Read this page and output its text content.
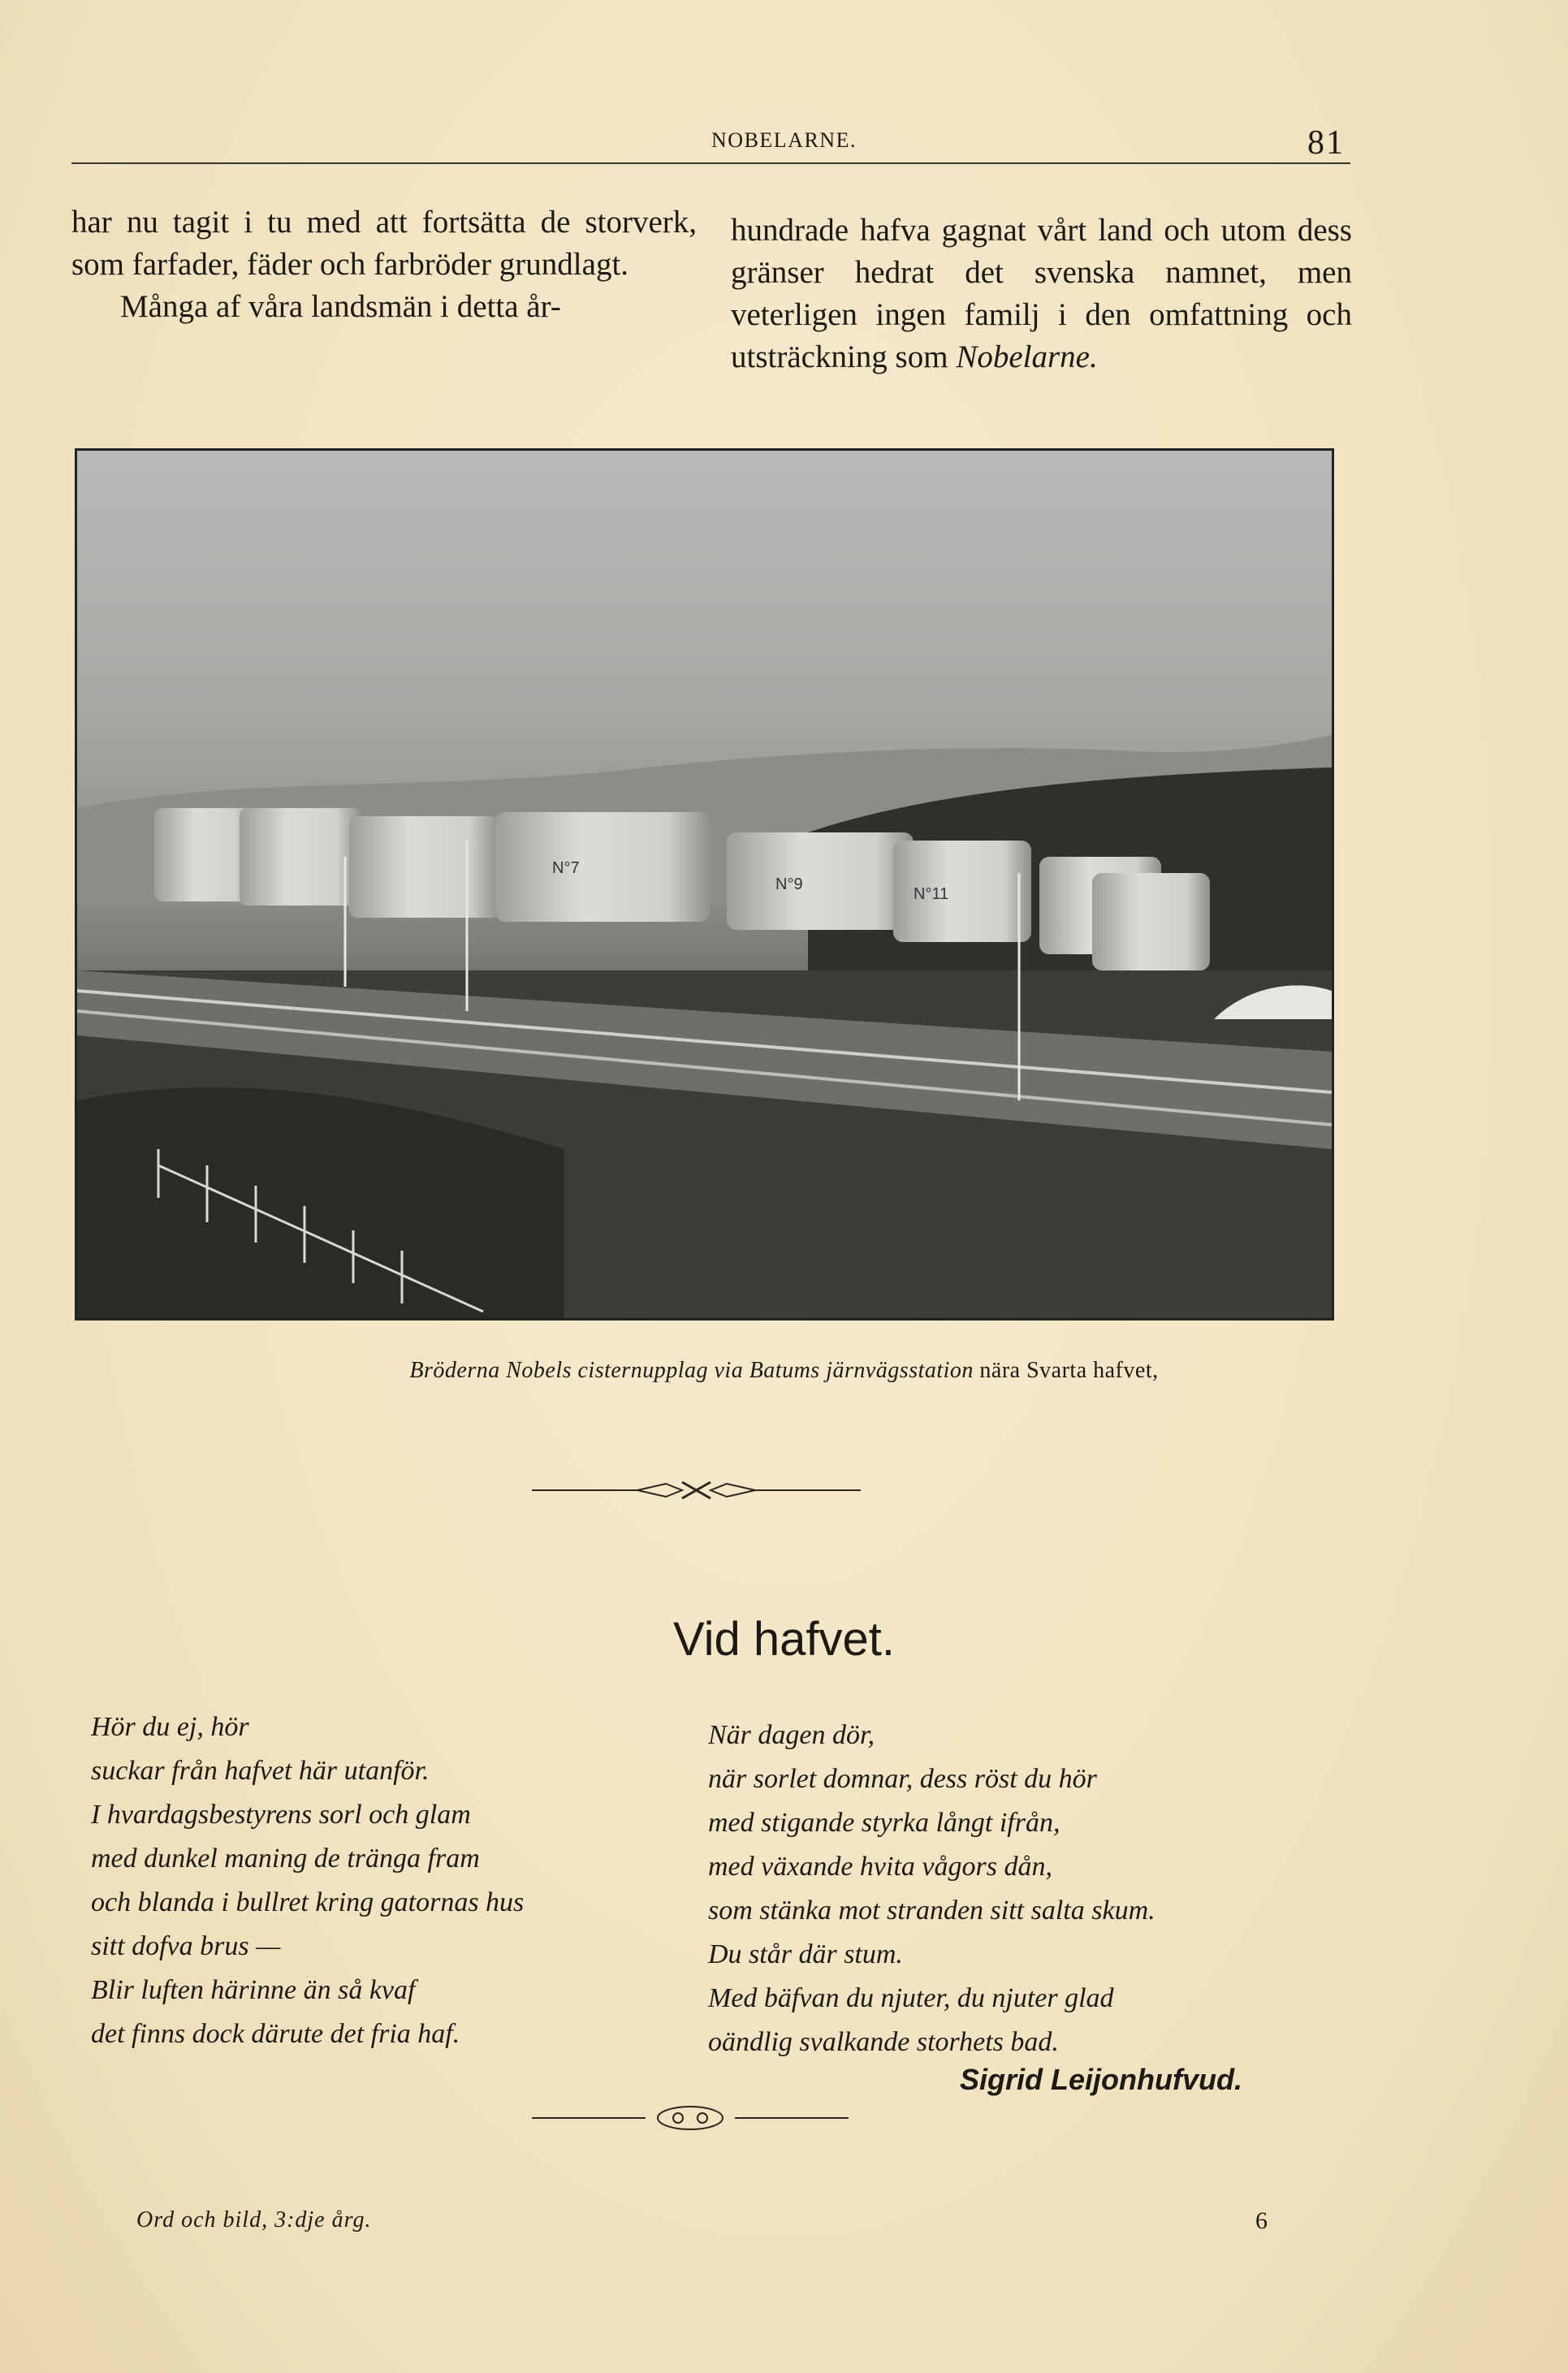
NOBELARNE.	81

har nu tagit i tu med att fortsätta de storverk, som farfader, fäder och farbröder grundlagt.

Många af våra landsmän i detta år-

hundrade hafva gagnat vårt land och utom dess gränser hedrat det svenska namnet, men veterligen ingen familj i den omfattning och utsträckning som Nobelarne.

N°7
N°9
N°11
Bröderna Nobels cisternupplag via Batums järnvägsstation nära Svarta hafvet,
Vid hafvet.
Hör du ej, hör
suckar från hafvet här utanför.
I hvardagsbestyrens sorl och glam
med dunkel maning de tränga fram
och blanda i bullret kring gatornas hus
sitt dofva brus —
Blir luften härinne än så kvaf
det finns dock därute det fria haf.
När dagen dör,
när sorlet domnar, dess röst du hör
med stigande styrka långt ifrån,
med växande hvita vågors dån,
som stänka mot stranden sitt salta skum.
Du står där stum.
Med bäfvan du njuter, du njuter glad
oändlig svalkande storhets bad.
Sigrid Leijonhufvud.
Ord och bild, 3:dje årg.	6
